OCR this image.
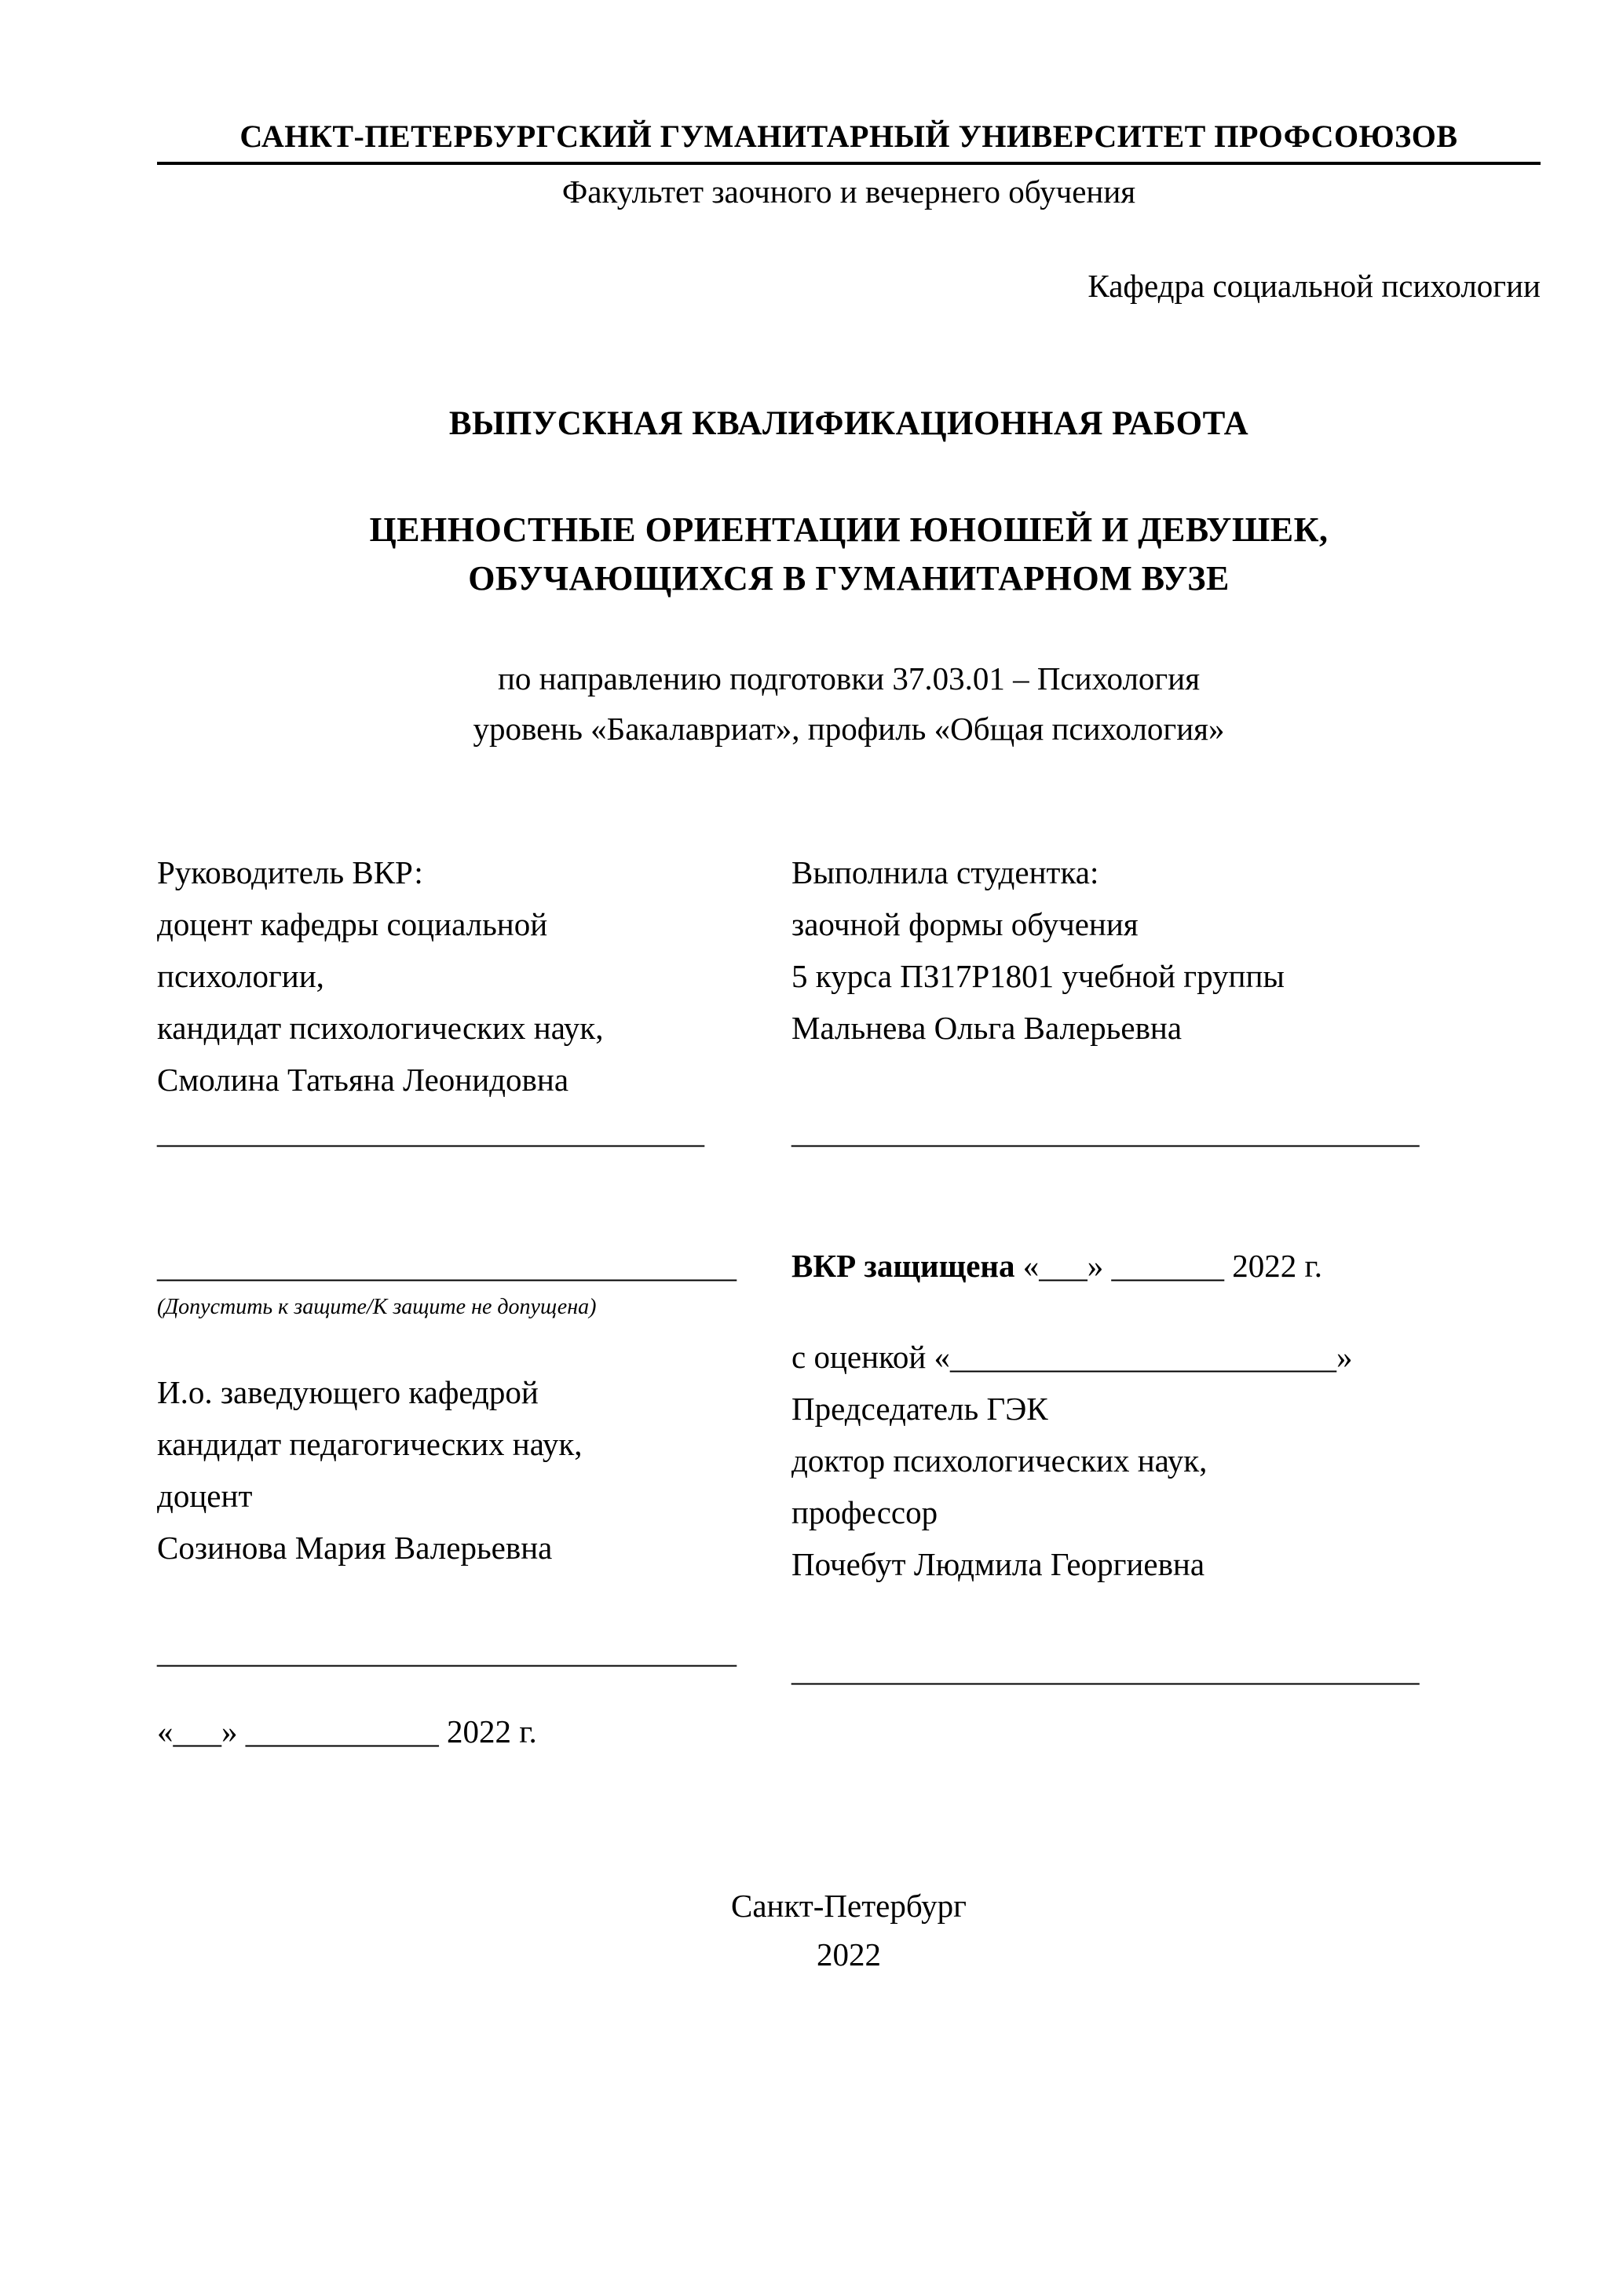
САНКТ-ПЕТЕРБУРГСКИЙ ГУМАНИТАРНЫЙ УНИВЕРСИТЕТ ПРОФСОЮЗОВ
Факультет заочного и вечернего обучения
Кафедра социальной психологии
ВЫПУСКНАЯ КВАЛИФИКАЦИОННАЯ РАБОТА
ЦЕННОСТНЫЕ ОРИЕНТАЦИИ ЮНОШЕЙ И ДЕВУШЕК,
ОБУЧАЮЩИХСЯ В ГУМАНИТАРНОМ ВУЗЕ
по направлению подготовки 37.03.01 – Психология
уровень «Бакалавриат», профиль «Общая психология»
Руководитель ВКР:
доцент кафедры социальной
психологии,
кандидат психологических наук,
Смолина Татьяна Леонидовна
__________________________________
Выполнила студентка:
заочной формы обучения
5 курса ПЗ17Р1801 учебной группы
Мальнева Ольга Валерьевна
_______________________________________
____________________________________
(Допустить к защите/К защите не допущена)
И.о. заведующего кафедрой
кандидат педагогических наук,
доцент
Созинова Мария Валерьевна
____________________________________
«___» ____________ 2022 г.
ВКР защищена «___» _______ 2022 г.
с оценкой «________________________»
Председатель ГЭК
доктор психологических наук,
профессор
Почебут Людмила Георгиевна
_______________________________________
Санкт-Петербург
2022
